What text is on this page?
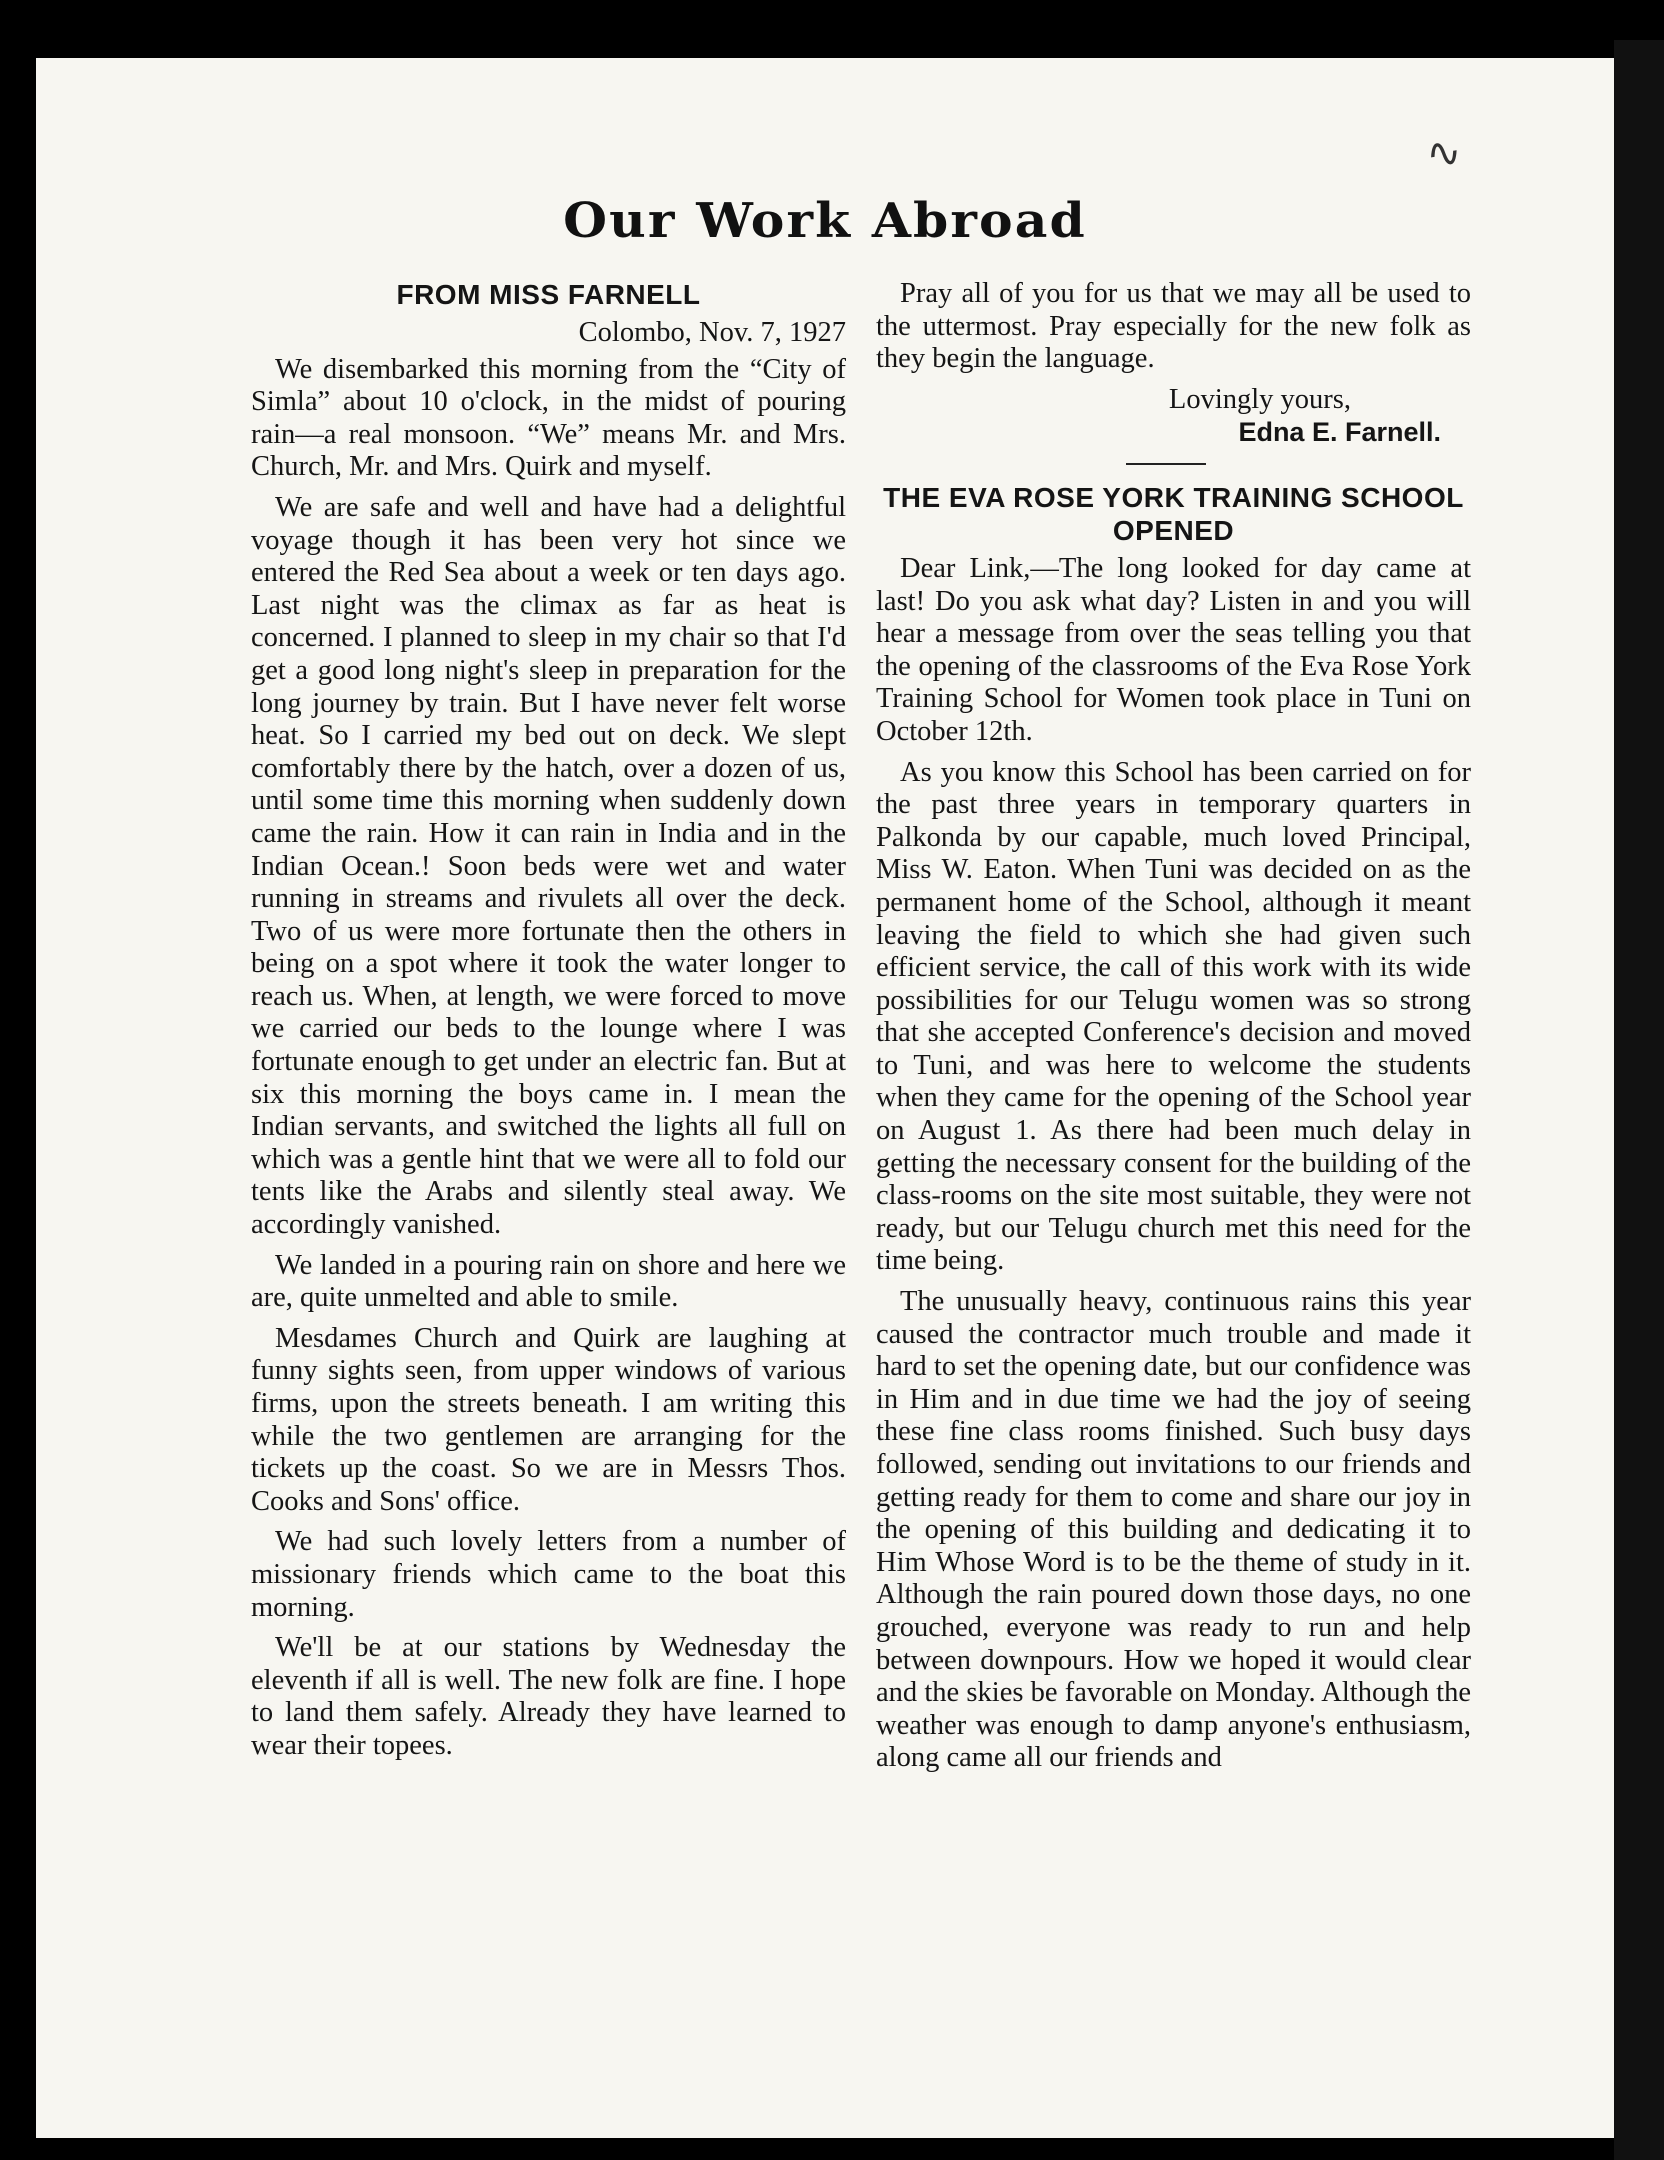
∿
Our Work Abroad
FROM MISS FARNELL
Colombo, Nov. 7, 1927

We disembarked this morning from the “City of Simla” about 10 o'clock, in the midst of pouring rain—a real monsoon. “We” means Mr. and Mrs. Church, Mr. and Mrs. Quirk and myself.

We are safe and well and have had a delightful voyage though it has been very hot since we entered the Red Sea about a week or ten days ago. Last night was the climax as far as heat is concerned. I planned to sleep in my chair so that I'd get a good long night's sleep in preparation for the long journey by train. But I have never felt worse heat. So I carried my bed out on deck. We slept comfortably there by the hatch, over a dozen of us, until some time this morning when suddenly down came the rain. How it can rain in India and in the Indian Ocean.! Soon beds were wet and water running in streams and rivulets all over the deck. Two of us were more fortunate then the others in being on a spot where it took the water longer to reach us. When, at length, we were forced to move we carried our beds to the lounge where I was fortunate enough to get under an electric fan. But at six this morning the boys came in. I mean the Indian servants, and switched the lights all full on which was a gentle hint that we were all to fold our tents like the Arabs and silently steal away. We accordingly vanished.

We landed in a pouring rain on shore and here we are, quite unmelted and able to smile.

Mesdames Church and Quirk are laughing at funny sights seen, from upper windows of various firms, upon the streets beneath. I am writing this while the two gentlemen are arranging for the tickets up the coast. So we are in Messrs Thos. Cooks and Sons' office.

We had such lovely letters from a number of missionary friends which came to the boat this morning.

We'll be at our stations by Wednesday the eleventh if all is well. The new folk are fine. I hope to land them safely. Already they have learned to wear their topees.

Pray all of you for us that we may all be used to the uttermost. Pray especially for the new folk as they begin the language.

Lovingly yours,
Edna E. Farnell.
THE EVA ROSE YORK TRAINING SCHOOL OPENED

Dear Link,—The long looked for day came at last! Do you ask what day? Listen in and you will hear a message from over the seas telling you that the opening of the classrooms of the Eva Rose York Training School for Women took place in Tuni on October 12th.

As you know this School has been carried on for the past three years in temporary quarters in Palkonda by our capable, much loved Principal, Miss W. Eaton. When Tuni was decided on as the permanent home of the School, although it meant leaving the field to which she had given such efficient service, the call of this work with its wide possibilities for our Telugu women was so strong that she accepted Conference's decision and moved to Tuni, and was here to welcome the students when they came for the opening of the School year on August 1. As there had been much delay in getting the necessary consent for the building of the class-rooms on the site most suitable, they were not ready, but our Telugu church met this need for the time being.

The unusually heavy, continuous rains this year caused the contractor much trouble and made it hard to set the opening date, but our confidence was in Him and in due time we had the joy of seeing these fine class rooms finished. Such busy days followed, sending out invitations to our friends and getting ready for them to come and share our joy in the opening of this building and dedicating it to Him Whose Word is to be the theme of study in it. Although the rain poured down those days, no one grouched, everyone was ready to run and help between downpours. How we hoped it would clear and the skies be favorable on Monday. Although the weather was enough to damp anyone's enthusiasm, along came all our friends and
